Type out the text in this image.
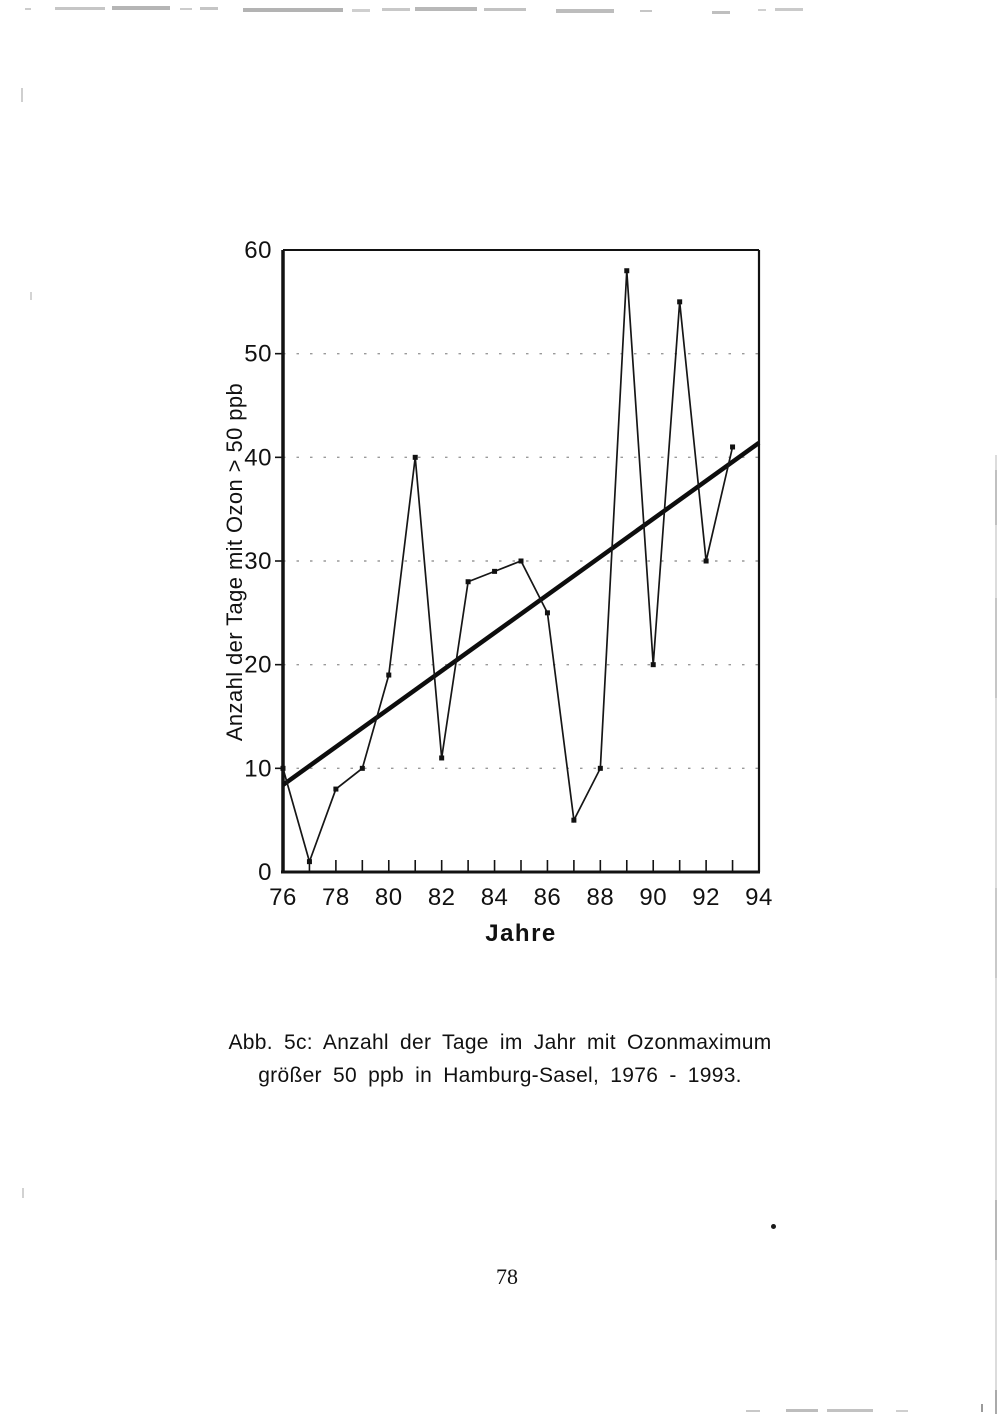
76 78 80 82 84 86 88 90 92 94
0
10
20
30
40
50
60
Anzahl der Tage mit Ozon > 50 ppb
Jahre
Abb. 5c: Anzahl der Tage im Jahr mit Ozonmaximum
größer 50 ppb in Hamburg-Sasel, 1976 - 1993.
78
